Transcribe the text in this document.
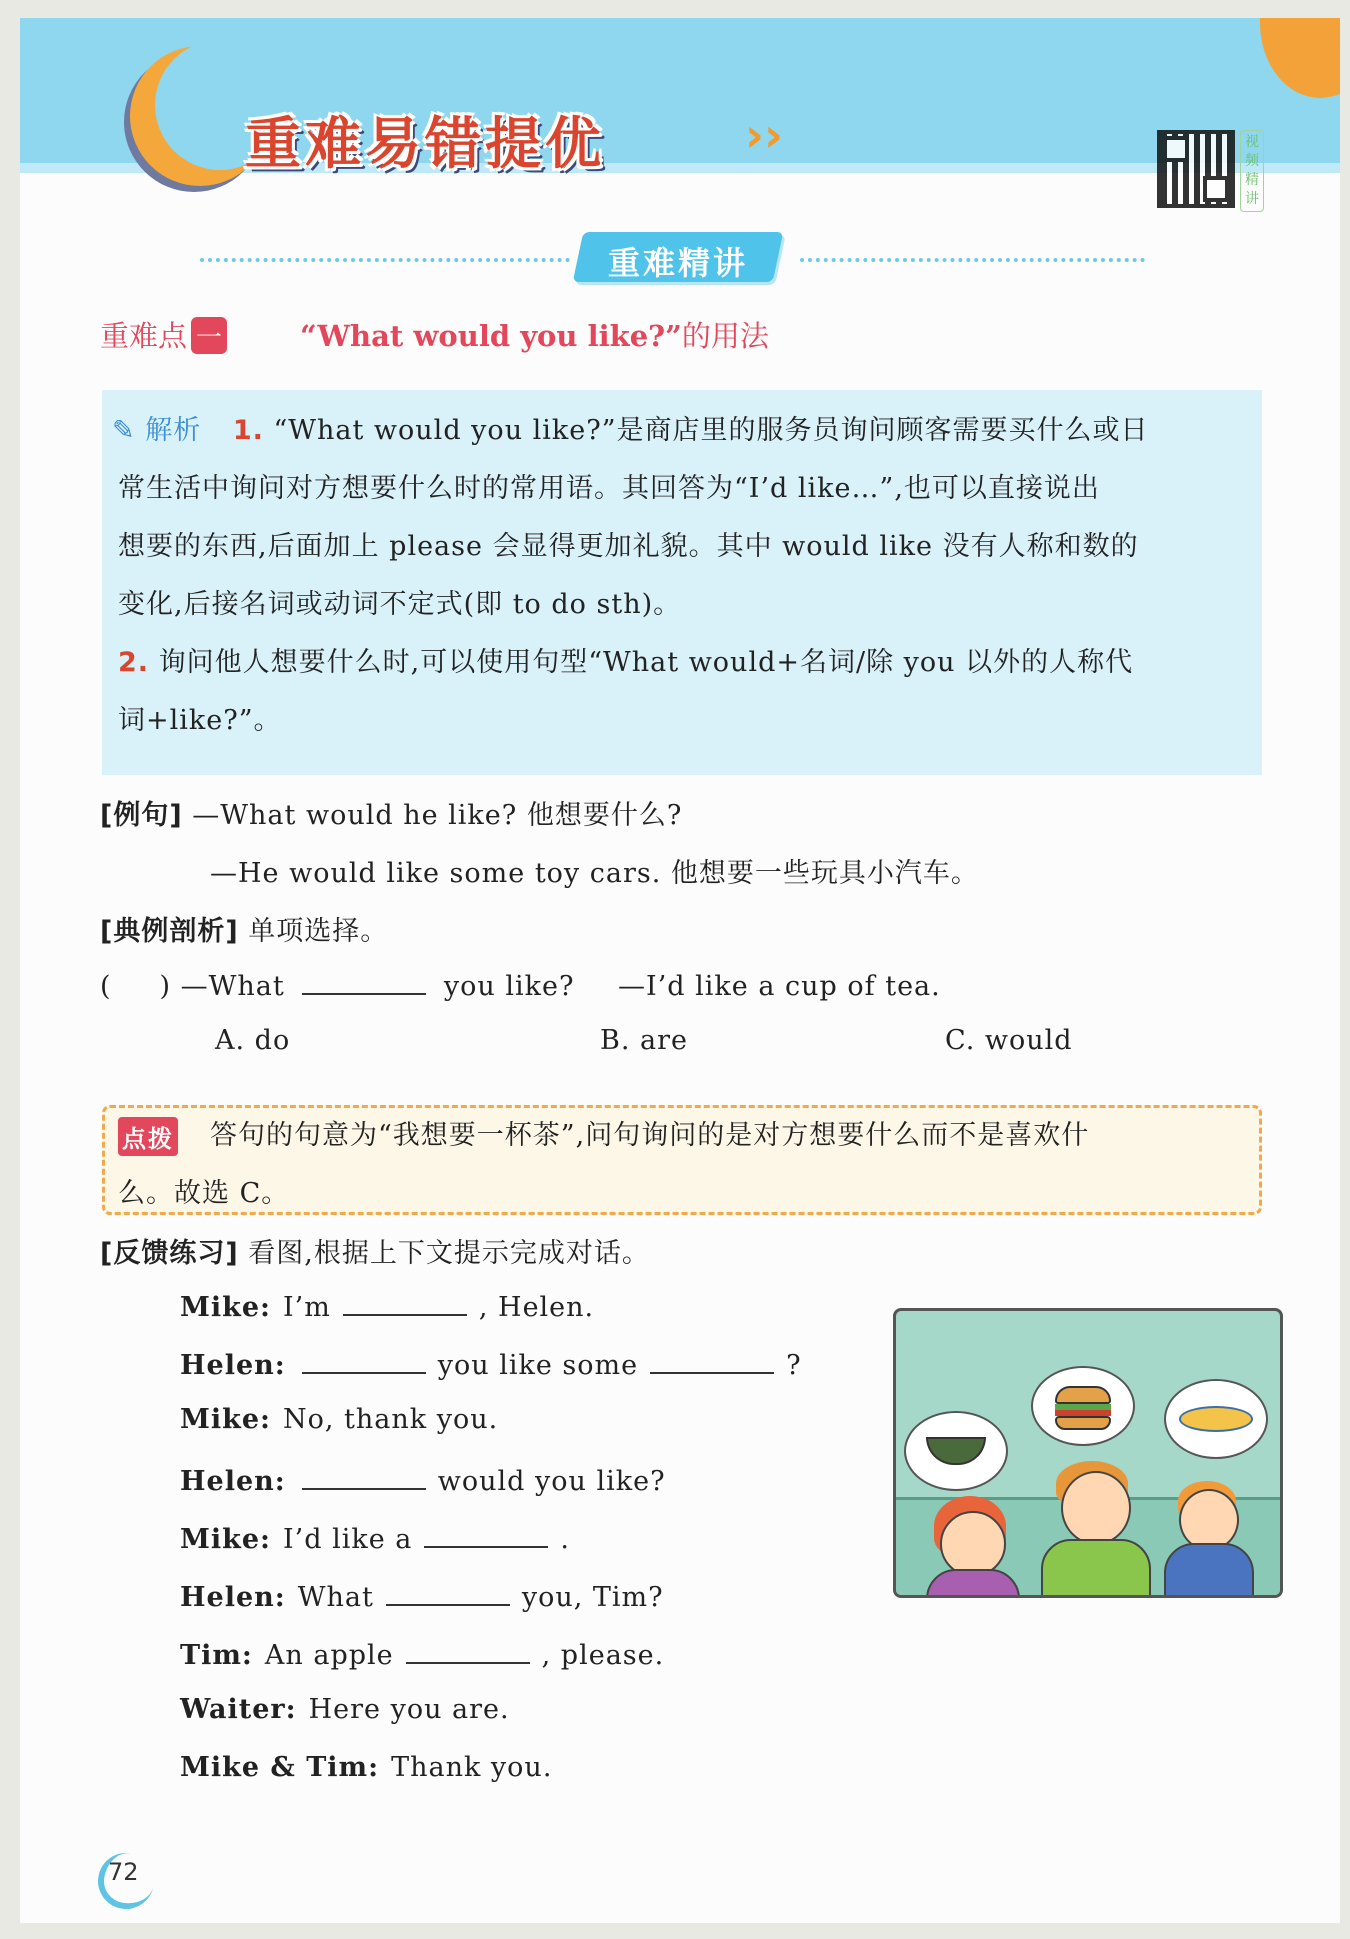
重难易错提优	››	视频精讲
重难精讲
重难点 一	“What would you like?”的用法
✎ 解析 1. “What would you like?”是商店里的服务员询问顾客需要买什么或日
常生活中询问对方想要什么时的常用语。其回答为“I’d like…”,也可以直接说出
想要的东西,后面加上 please 会显得更加礼貌。其中 would like 没有人称和数的
变化,后接名词或动词不定式(即 to do sth)。
2. 询问他人想要什么时,可以使用句型“What would+名词/除 you 以外的人称代
词+like?”。
[例句] —What would he like? 他想要什么?
—He would like some toy cars. 他想要一些玩具小汽车。
[典例剖析] 单项选择。
(     ) —What	you like? —I’d like a cup of tea.
A. do	B. are	C. would
点拨 答句的句意为“我想要一杯茶”,问句询问的是对方想要什么而不是喜欢什
么。故选 C。
[反馈练习] 看图,根据上下文提示完成对话。
Mike: I’m	, Helen.
Helen:	you like some	?
Mike: No, thank you.
Helen:	would you like?
Mike: I’d like a	.
Helen: What	you, Tim?
Tim: An apple	, please.
Waiter: Here you are.
Mike & Tim: Thank you.
72
